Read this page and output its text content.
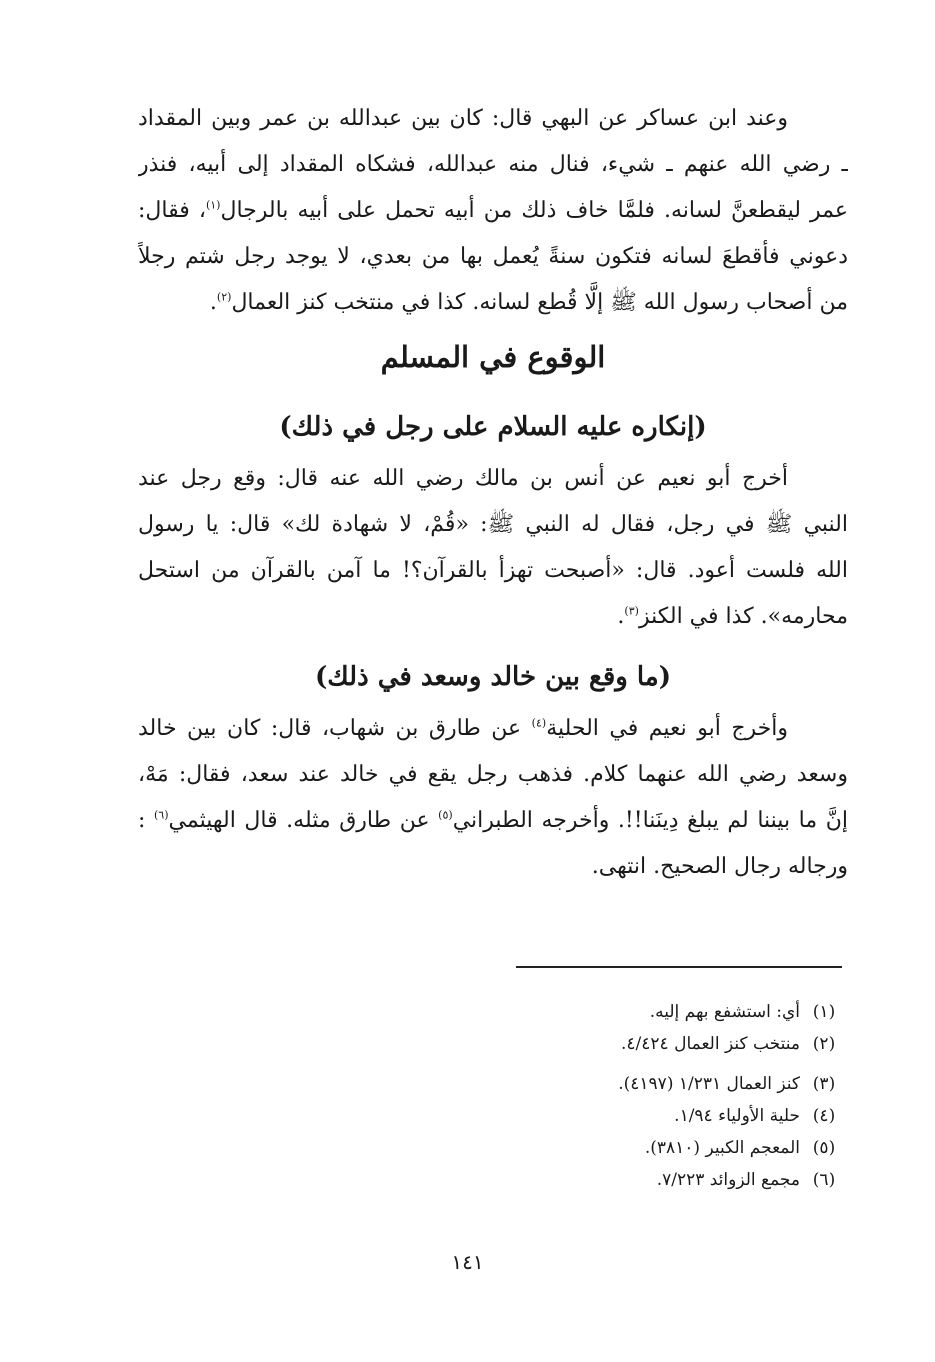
وعند ابن عساكر عن البهي قال: كان بين عبدالله بن عمر وبين المقداد
ـ رضي الله عنهم ـ شيء، فنال منه عبدالله، فشكاه المقداد إلى أبيه، فنذر
عمر ليقطعنَّ لسانه. فلمَّا خاف ذلك من أبيه تحمل على أبيه بالرجال$^{(١)}$، فقال:
دعوني فأقطعَ لسانه فتكون سنةً يُعمل بها من بعدي، لا يوجد رجل شتم رجلاً
من أصحاب رسول الله ﷺ إلَّا قُطع لسانه. كذا في منتخب كنز العمال$^{(٢)}$.
الوقوع في المسلم
(إنكاره عليه السلام على رجل في ذلك)
أخرج أبو نعيم عن أنس بن مالك رضي الله عنه قال: وقع رجل عند
النبي ﷺ في رجل، فقال له النبي ﷺ: «قُمْ، لا شهادة لك» قال: يا رسول
الله فلست أعود. قال: «أصبحت تهزأ بالقرآن؟! ما آمن بالقرآن من استحل
محارمه». كذا في الكنز$^{(٣)}$.
(ما وقع بين خالد وسعد في ذلك)
وأخرج أبو نعيم في الحلية$^{(٤)}$ عن طارق بن شهاب، قال: كان بين خالد
وسعد رضي الله عنهما كلام. فذهب رجل يقع في خالد عند سعد، فقال: مَهْ،
إنَّ ما بيننا لم يبلغ دِينَنا!!. وأخرجه الطبراني$^{(٥)}$ عن طارق مثله. قال الهيثمي$^{(٦)}$ :
ورجاله رجال الصحيح. انتهى.
(١)أي: استشفع بهم إليه.
(٢)منتخب كنز العمال ٤/٤٢٤.
(٣)كنز العمال ١/٢٣١ (٤١٩٧).
(٤)حلية الأولياء ١/٩٤.
(٥)المعجم الكبير (٣٨١٠).
(٦)مجمع الزوائد ٧/٢٢٣.
١٤١
